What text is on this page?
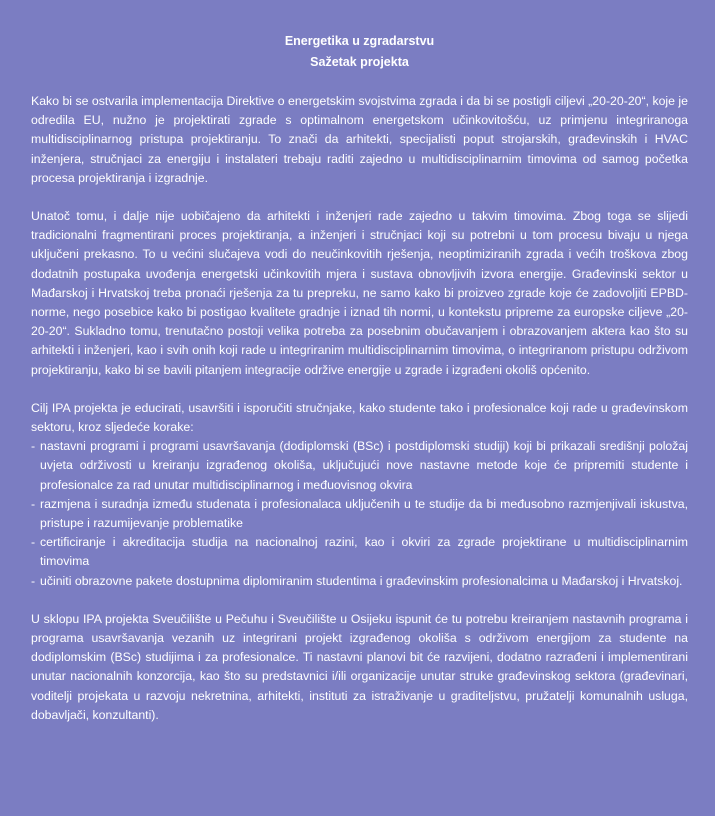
Energetika u zgradarstvu
Sažetak projekta

Kako bi se ostvarila implementacija Direktive o energetskim svojstvima zgrada i da bi se postigli ciljevi „20-20-20“, koje je odredila EU, nužno je projektirati zgrade s optimalnom energetskom učinkovitošću, uz primjenu integriranoga multidisciplinarnog pristupa projektiranju. To znači da arhitekti, specijalisti poput strojarskih, građevinskih i HVAC inženjera, stručnjaci za energiju i instalateri trebaju raditi zajedno u multidisciplinarnim timovima od samog početka procesa projektiranja i izgradnje.

Unatoč tomu, i dalje nije uobičajeno da arhitekti i inženjeri rade zajedno u takvim timovima. Zbog toga se slijedi tradicionalni fragmentirani proces projektiranja, a inženjeri i stručnjaci koji su potrebni u tom procesu bivaju u njega uključeni prekasno. To u većini slučajeva vodi do neučinkovitih rješenja, neoptimiziranih zgrada i većih troškova zbog dodatnih postupaka uvođenja energetski učinkovitih mjera i sustava obnovljivih izvora energije. Građevinski sektor u Mađarskoj i Hrvatskoj treba pronaći rješenja za tu prepreku, ne samo kako bi proizveo zgrade koje će zadovoljiti EPBD-norme, nego posebice kako bi postigao kvalitete gradnje i iznad tih normi, u kontekstu pripreme za europske ciljeve „20-20-20“. Sukladno tomu, trenutačno postoji velika potreba za posebnim obučavanjem i obrazovanjem aktera kao što su arhitekti i inženjeri, kao i svih onih koji rade u integriranim multidisciplinarnim timovima, o integriranom pristupu održivom projektiranju, kako bi se bavili pitanjem integracije održive energije u zgrade i izgrađeni okoliš općenito.

Cilj IPA projekta je educirati, usavršiti i isporučiti stručnjake, kako studente tako i profesionalce koji rade u građevinskom sektoru, kroz sljedeće korake:

- nastavni programi i programi usavršavanja (dodiplomski (BSc) i postdiplomski studiji) koji bi prikazali središnji položaj uvjeta održivosti u kreiranju izgrađenog okoliša, uključujući nove nastavne metode koje će pripremiti studente i profesionalce za rad unutar multidisciplinarnog i međuovisnog okvira
- razmjena i suradnja između studenata i profesionalaca uključenih u te studije da bi međusobno razmjenjivali iskustva, pristupe i razumijevanje problematike
- certificiranje i akreditacija studija na nacionalnoj razini, kao i okviri za zgrade projektirane u multidisciplinarnim timovima
- učiniti obrazovne pakete dostupnima diplomiranim studentima i građevinskim profesionalcima u Mađarskoj i Hrvatskoj.

U sklopu IPA projekta Sveučilište u Pečuhu i Sveučilište u Osijeku ispunit će tu potrebu kreiranjem nastavnih programa i programa usavršavanja vezanih uz integrirani projekt izgrađenog okoliša s održivom energijom za studente na dodiplomskim (BSc) studijima i za profesionalce. Ti nastavni planovi bit će razvijeni, dodatno razrađeni i implementirani unutar nacionalnih konzorcija, kao što su predstavnici i/ili organizacije unutar struke građevinskog sektora (građevinari, voditelji projekata u razvoju nekretnina, arhitekti, instituti za istraživanje u graditeljstvu, pružatelji komunalnih usluga, dobavljači, konzultanti).
